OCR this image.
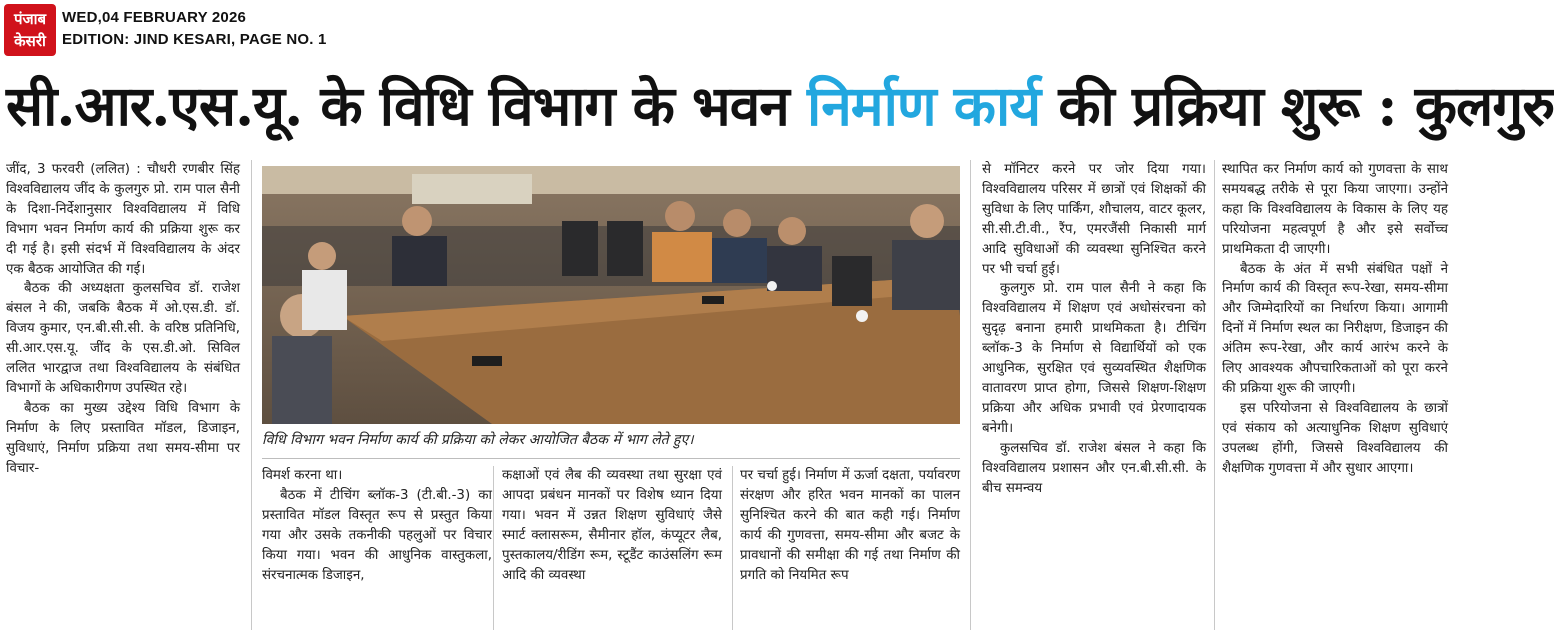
पंजाब
केसरी
WED,04 FEBRUARY 2026
EDITION: JIND KESARI, PAGE NO. 1
सी.आर.एस.यू. के विधि विभाग के भवन निर्माण कार्य की प्रक्रिया शुरू : कुलगुरु

जींद, 3 फरवरी (ललित) : चौधरी रणबीर सिंह विश्वविद्यालय जींद के कुलगुरु प्रो. राम पाल सैनी के दिशा-निर्देशानुसार विश्वविद्यालय में विधि विभाग भवन निर्माण कार्य की प्रक्रिया शुरू कर दी गई है। इसी संदर्भ में विश्वविद्यालय के अंदर एक बैठक आयोजित की गई।

बैठक की अध्यक्षता कुलसचिव डॉ. राजेश बंसल ने की, जबकि बैठक में ओ.एस.डी. डॉ. विजय कुमार, एन.बी.सी.सी. के वरिष्ठ प्रतिनिधि, सी.आर.एस.यू. जींद के एस.डी.ओ. सिविल ललित भारद्वाज तथा विश्वविद्यालय के संबंधित विभागों के अधिकारीगण उपस्थित रहे।

बैठक का मुख्य उद्देश्य विधि विभाग के निर्माण के लिए प्रस्तावित मॉडल, डिजाइन, सुविधाएं, निर्माण प्रक्रिया तथा समय-सीमा पर विचार-

विधि विभाग भवन निर्माण कार्य की प्रक्रिया को लेकर आयोजित बैठक में भाग लेते हुए।

विमर्श करना था।

बैठक में टीचिंग ब्लॉक-3 (टी.बी.-3) का प्रस्तावित मॉडल विस्तृत रूप से प्रस्तुत किया गया और उसके तकनीकी पहलुओं पर विचार किया गया। भवन की आधुनिक वास्तुकला, संरचनात्मक डिजाइन,

कक्षाओं एवं लैब की व्यवस्था तथा सुरक्षा एवं आपदा प्रबंधन मानकों पर विशेष ध्यान दिया गया। भवन में उन्नत शिक्षण सुविधाएं जैसे स्मार्ट क्लासरूम, सैमीनार हॉल, कंप्यूटर लैब, पुस्तकालय/रीडिंग रूम, स्टूडैंट काउंसलिंग रूम आदि की व्यवस्था

पर चर्चा हुई। निर्माण में ऊर्जा दक्षता, पर्यावरण संरक्षण और हरित भवन मानकों का पालन सुनिश्चित करने की बात कही गई। निर्माण कार्य की गुणवत्ता, समय-सीमा और बजट के प्रावधानों की समीक्षा की गई तथा निर्माण की प्रगति को नियमित रूप

से मॉनिटर करने पर जोर दिया गया। विश्वविद्यालय परिसर में छात्रों एवं शिक्षकों की सुविधा के लिए पार्किंग, शौचालय, वाटर कूलर, सी.सी.टी.वी., रैंप, एमरजैंसी निकासी मार्ग आदि सुविधाओं की व्यवस्था सुनिश्चित करने पर भी चर्चा हुई।

कुलगुरु प्रो. राम पाल सैनी ने कहा कि विश्वविद्यालय में शिक्षण एवं अधोसंरचना को सुदृढ़ बनाना हमारी प्राथमिकता है। टीचिंग ब्लॉक-3 के निर्माण से विद्यार्थियों को एक आधुनिक, सुरक्षित एवं सुव्यवस्थित शैक्षणिक वातावरण प्राप्त होगा, जिससे शिक्षण-शिक्षण प्रक्रिया और अधिक प्रभावी एवं प्रेरणादायक बनेगी।

कुलसचिव डॉ. राजेश बंसल ने कहा कि विश्वविद्यालय प्रशासन और एन.बी.सी.सी. के बीच समन्वय

स्थापित कर निर्माण कार्य को गुणवत्ता के साथ समयबद्ध तरीके से पूरा किया जाएगा। उन्होंने कहा कि विश्वविद्यालय के विकास के लिए यह परियोजना महत्वपूर्ण है और इसे सर्वोच्च प्राथमिकता दी जाएगी।

बैठक के अंत में सभी संबंधित पक्षों ने निर्माण कार्य की विस्तृत रूप-रेखा, समय-सीमा और जिम्मेदारियों का निर्धारण किया। आगामी दिनों में निर्माण स्थल का निरीक्षण, डिजाइन की अंतिम रूप-रेखा, और कार्य आरंभ करने के लिए आवश्यक औपचारिकताओं को पूरा करने की प्रक्रिया शुरू की जाएगी।

इस परियोजना से विश्वविद्यालय के छात्रों एवं संकाय को अत्याधुनिक शिक्षण सुविधाएं उपलब्ध होंगी, जिससे विश्वविद्यालय की शैक्षणिक गुणवत्ता में और सुधार आएगा।
